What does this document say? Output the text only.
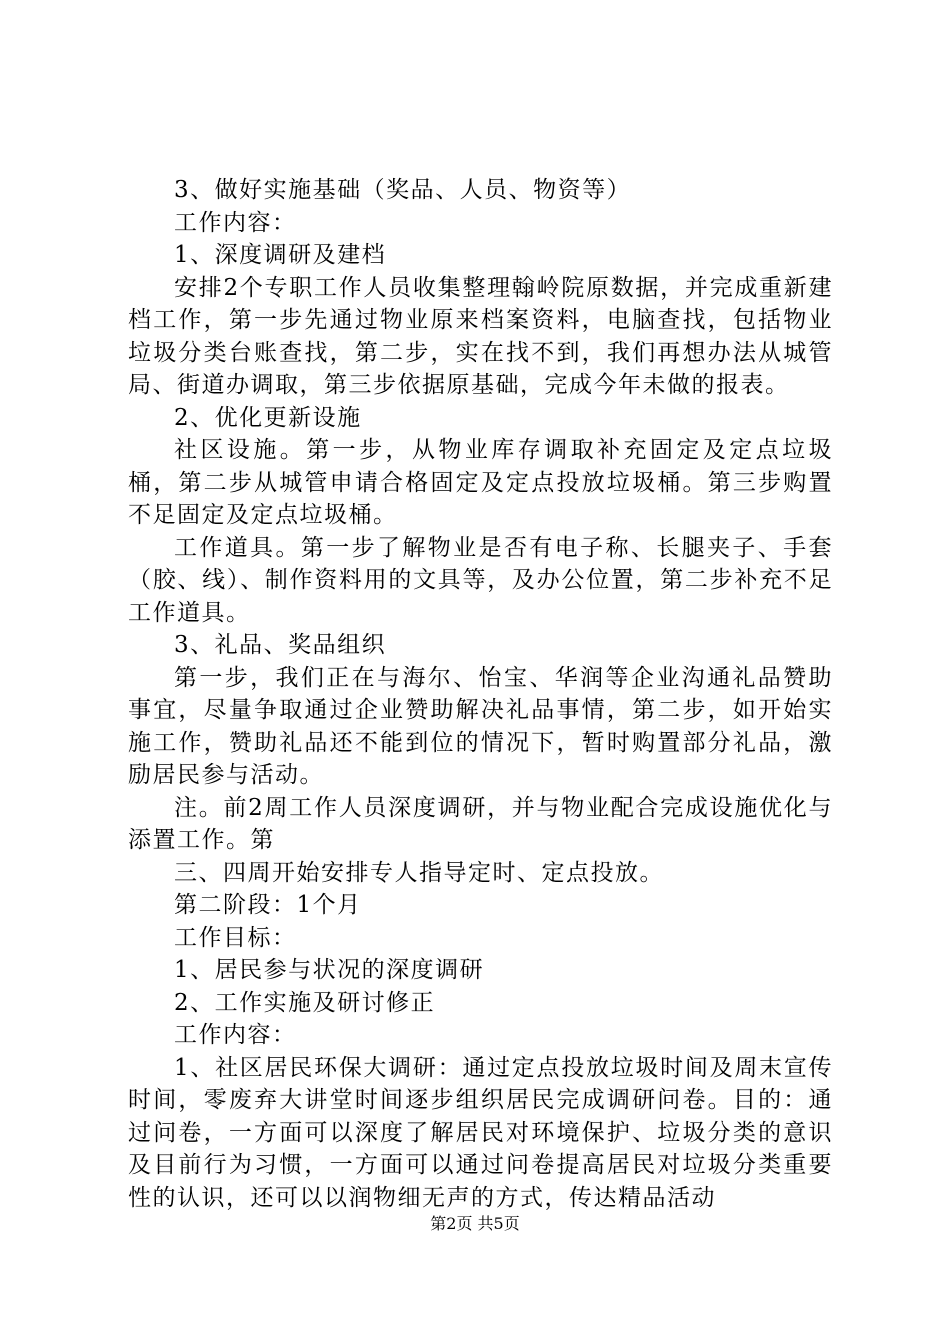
3、做好实施基础（奖品、人员、物资等）

工作内容：

1、深度调研及建档

安排2个专职工作人员收集整理翰岭院原数据，并完成重新建档工作，第一步先通过物业原来档案资料，电脑查找，包括物业垃圾分类台账查找，第二步，实在找不到，我们再想办法从城管局、街道办调取，第三步依据原基础，完成今年未做的报表。

2、优化更新设施

社区设施。第一步，从物业库存调取补充固定及定点垃圾桶，第二步从城管申请合格固定及定点投放垃圾桶。第三步购置不足固定及定点垃圾桶。

工作道具。第一步了解物业是否有电子称、长腿夹子、手套（胶、线）、制作资料用的文具等，及办公位置，第二步补充不足工作道具。

3、礼品、奖品组织

第一步，我们正在与海尔、怡宝、华润等企业沟通礼品赞助事宜，尽量争取通过企业赞助解决礼品事情，第二步，如开始实施工作，赞助礼品还不能到位的情况下，暂时购置部分礼品，激励居民参与活动。

注。前2周工作人员深度调研，并与物业配合完成设施优化与添置工作。第

三、四周开始安排专人指导定时、定点投放。

第二阶段：1个月

工作目标：

1、居民参与状况的深度调研

2、工作实施及研讨修正

工作内容：

1、社区居民环保大调研：通过定点投放垃圾时间及周末宣传时间，零废弃大讲堂时间逐步组织居民完成调研问卷。目的：通过问卷，一方面可以深度了解居民对环境保护、垃圾分类的意识及目前行为习惯，一方面可以通过问卷提高居民对垃圾分类重要性的认识，还可以以润物细无声的方式，传达精品活动

第2页 共5页
